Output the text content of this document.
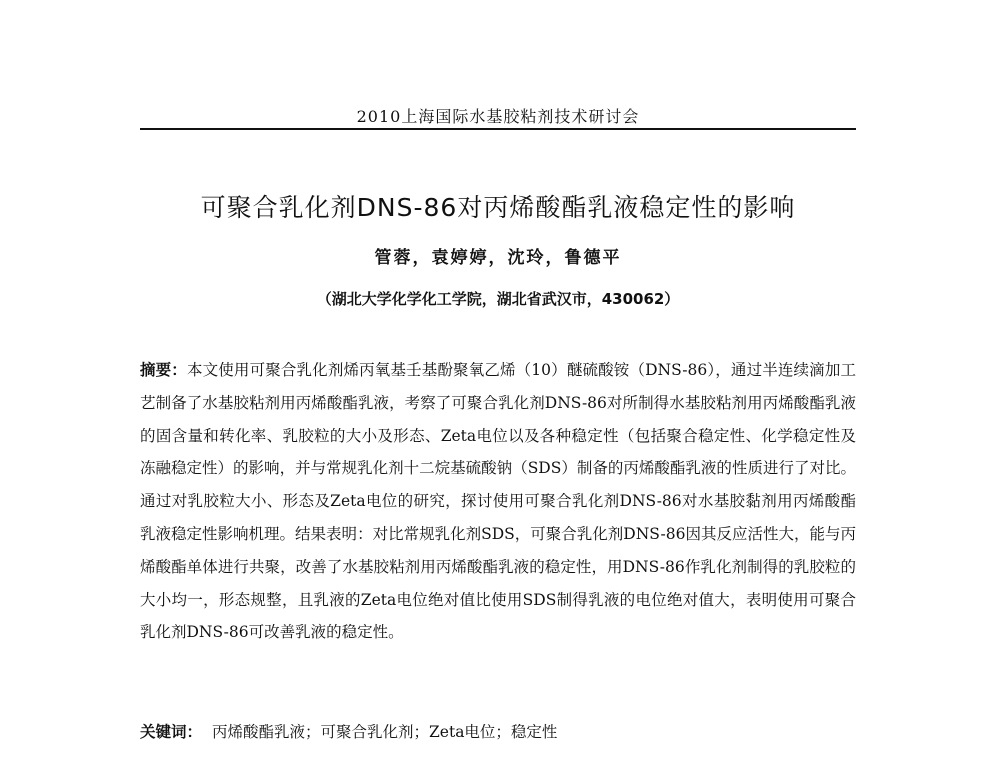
2010上海国际水基胶粘剂技术研讨会
可聚合乳化剂DNS-86对丙烯酸酯乳液稳定性的影响
管蓉，袁婷婷，沈玲，鲁德平
（湖北大学化学化工学院，湖北省武汉市，430062）
摘要：本文使用可聚合乳化剂烯丙氧基壬基酚聚氧乙烯（10）醚硫酸铵（DNS-86），通过半连续滴加工艺制备了水基胶粘剂用丙烯酸酯乳液，考察了可聚合乳化剂DNS-86对所制得水基胶粘剂用丙烯酸酯乳液的固含量和转化率、乳胶粒的大小及形态、Zeta电位以及各种稳定性（包括聚合稳定性、化学稳定性及冻融稳定性）的影响，并与常规乳化剂十二烷基硫酸钠（SDS）制备的丙烯酸酯乳液的性质进行了对比。通过对乳胶粒大小、形态及Zeta电位的研究，探讨使用可聚合乳化剂DNS-86对水基胶黏剂用丙烯酸酯乳液稳定性影响机理。结果表明：对比常规乳化剂SDS，可聚合乳化剂DNS-86因其反应活性大，能与丙烯酸酯单体进行共聚，改善了水基胶粘剂用丙烯酸酯乳液的稳定性，用DNS-86作乳化剂制得的乳胶粒的大小均一，形态规整，且乳液的Zeta电位绝对值比使用SDS制得乳液的电位绝对值大，表明使用可聚合乳化剂DNS-86可改善乳液的稳定性。
关键词： 丙烯酸酯乳液；可聚合乳化剂；Zeta电位；稳定性
